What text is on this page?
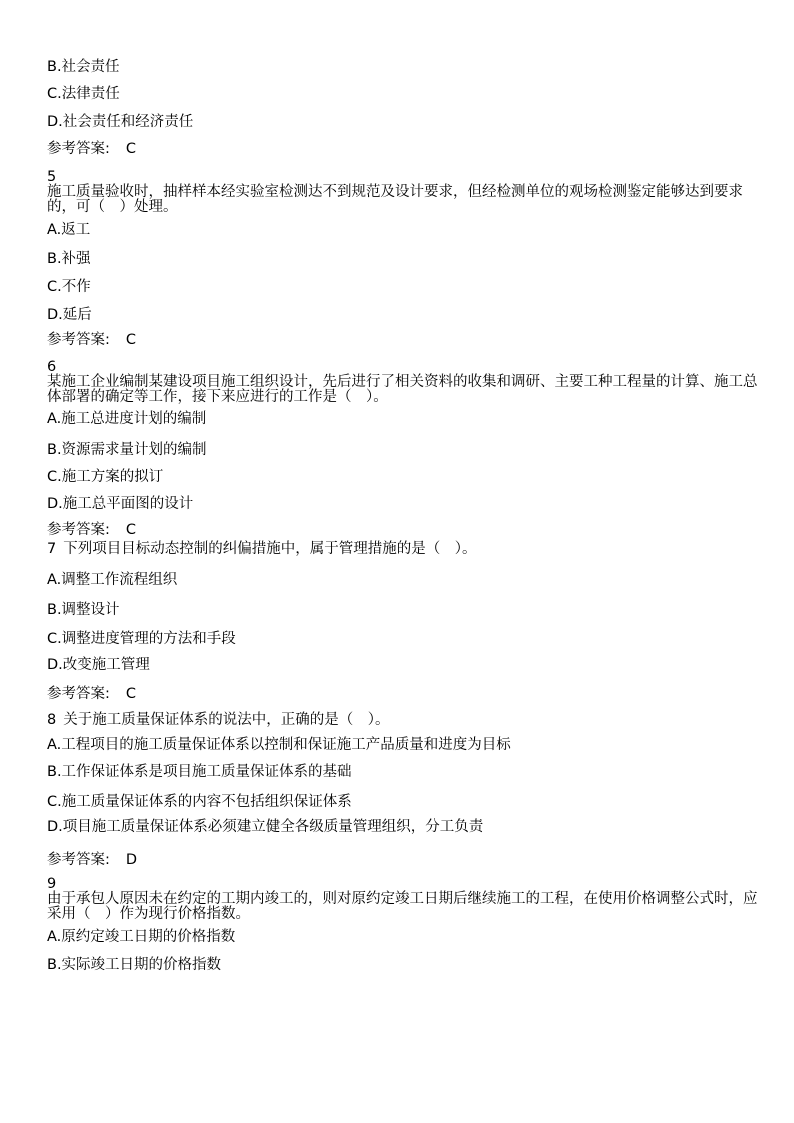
B.社会责任

C.法律责任

D.社会责任和经济责任

参考答案: C

5

施工质量验收时，抽样样本经实验室检测达不到规范及设计要求，但经检测单位的观场检测鉴定能够达到要求

的，可（　）处理。

A.返工

B.补强

C.不作

D.延后

参考答案: C

6

某施工企业编制某建设项目施工组织设计，先后进行了相关资料的收集和调研、主要工种工程量的计算、施工总

体部署的确定等工作，接下来应进行的工作是（　）。

A.施工总进度计划的编制

B.资源需求量计划的编制

C.施工方案的拟订

D.施工总平面图的设计

参考答案: C

7 下列项目目标动态控制的纠偏措施中，属于管理措施的是（　）。

A.调整工作流程组织

B.调整设计

C.调整进度管理的方法和手段

D.改变施工管理

参考答案: C

8 关于施工质量保证体系的说法中，正确的是（　）。

A.工程项目的施工质量保证体系以控制和保证施工产品质量和进度为目标

B.工作保证体系是项目施工质量保证体系的基础

C.施工质量保证体系的内容不包括组织保证体系

D.项目施工质量保证体系必须建立健全各级质量管理组织，分工负责

参考答案: D

9

由于承包人原因未在约定的工期内竣工的，则对原约定竣工日期后继续施工的工程，在使用价格调整公式时，应

采用（　）作为现行价格指数。

A.原约定竣工日期的价格指数

B.实际竣工日期的价格指数
